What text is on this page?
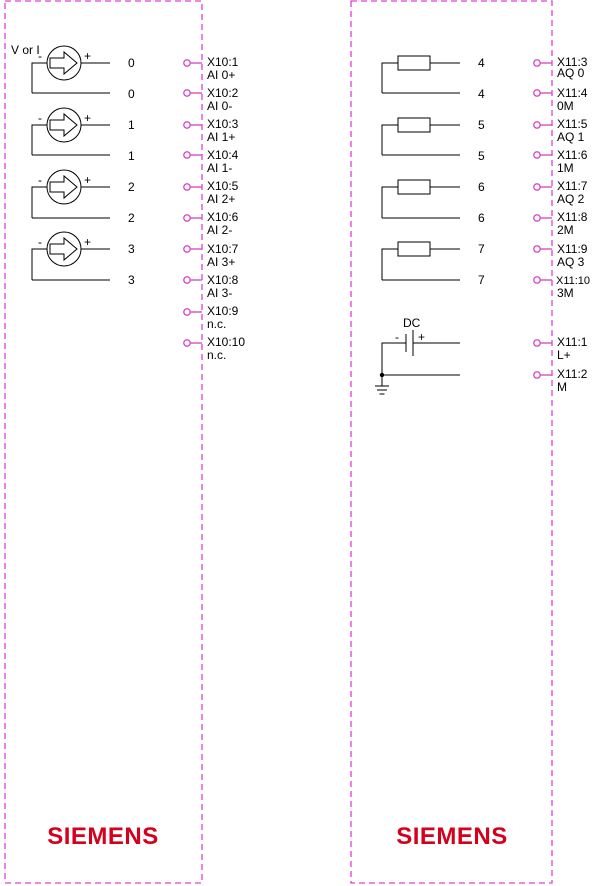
V or I
-	+	0
0
-	+	1
1
-	+	2
2
-	+	3
3
X10:1
AI 0+
X10:2
AI 0-
X10:3
AI 1+
X10:4
AI 1-
X10:5
AI 2+
X10:6
AI 2-
X10:7
AI 3+
X10:8
AI 3-
X10:9
n.c.
X10:10
n.c.
SIEMENS
4
4
5
5
6
6
7
7
DC
- +
X11:3
AQ 0
X11:4
0M
X11:5
AQ 1
X11:6
1M
X11:7
AQ 2
X11:8
2M
X11:9
AQ 3
X11:10
3M
X11:1
L+
X11:2
M
SIEMENS
